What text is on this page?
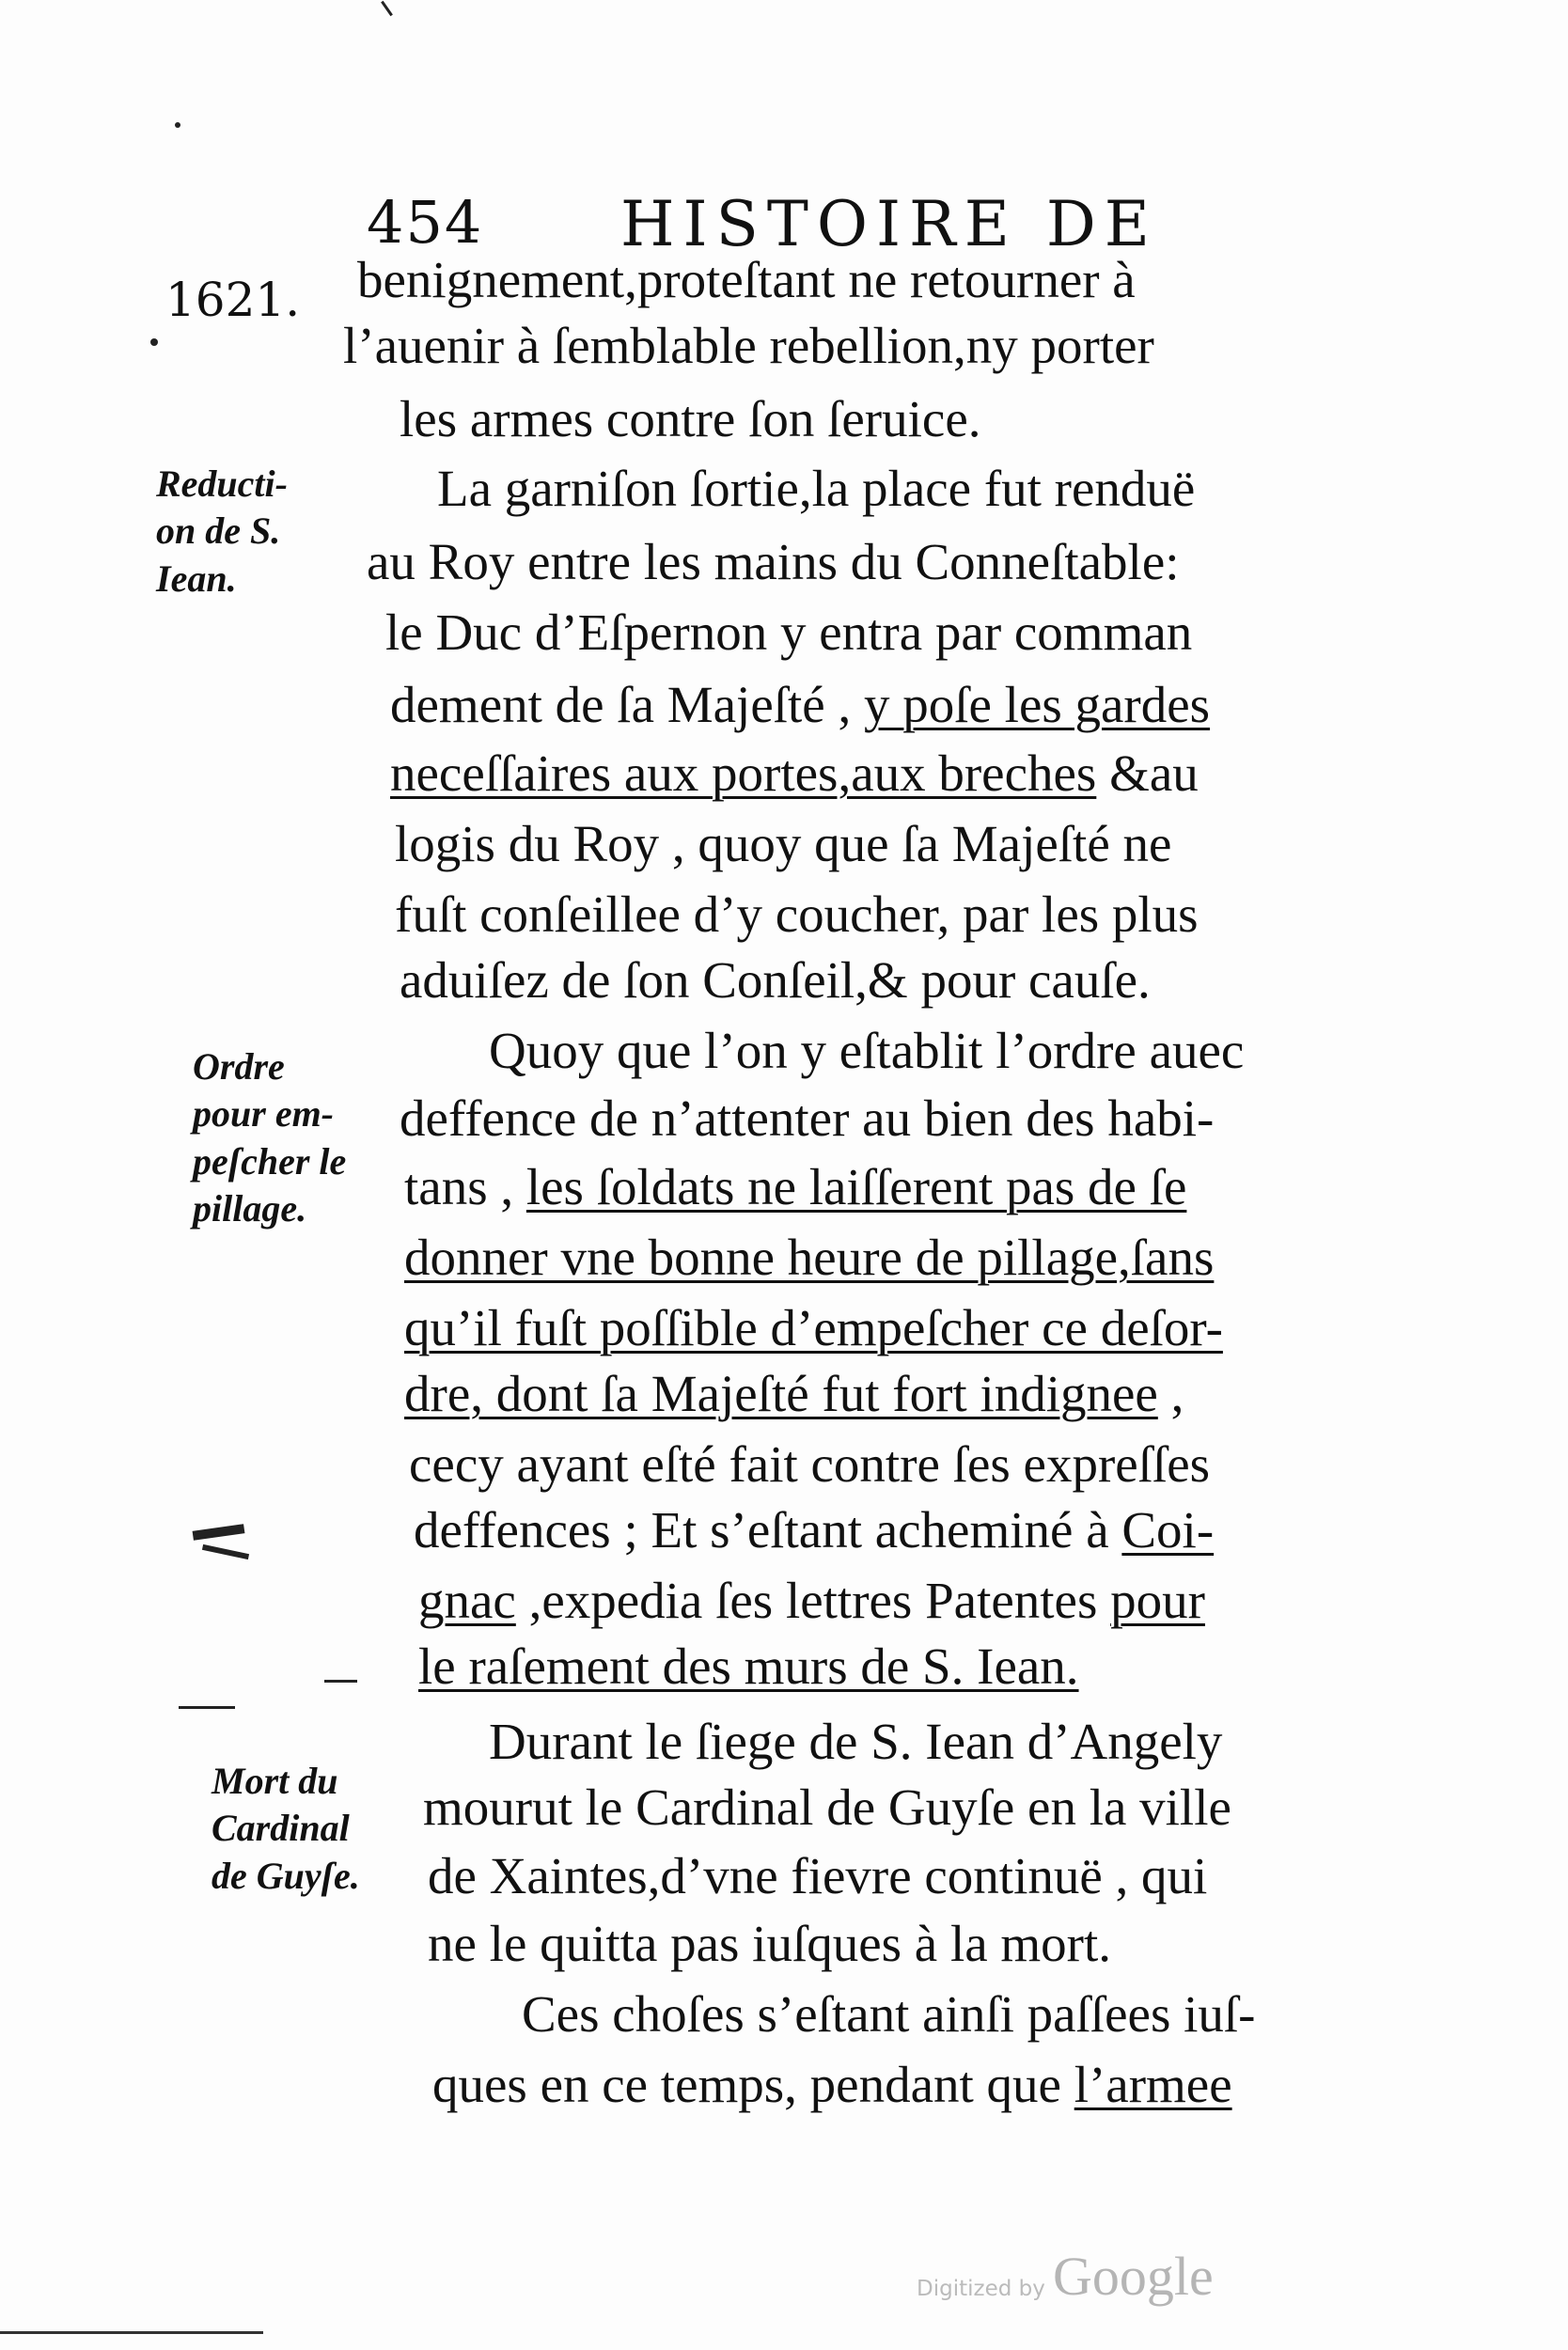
454 HISTOIRE DE
1621. benignement,proteſtant ne retourner à
l’auenir à ſemblable rebellion,ny porter
les armes contre ſon ſeruice.
La garniſon ſortie,la place fut renduë
au Roy entre les mains du Conneſtable:
le Duc d’Eſpernon y entra par comman
dement de ſa Majeſté , y poſe les gardes
neceſſaires aux portes,aux breches &au
logis du Roy , quoy que ſa Majeſté ne
fuſt conſeillee d’y coucher, par les plus
aduiſez de ſon Conſeil,& pour cauſe.
Quoy que l’on y eſtablit l’ordre auec
deffence de n’attenter au bien des habi-
tans , les ſoldats ne laiſſerent pas de ſe
donner vne bonne heure de pillage,ſans
qu’il fuſt poſſible d’empeſcher ce deſor-
dre, dont ſa Majeſté fut fort indignee ,
cecy ayant eſté fait contre ſes expreſſes
deffences ; Et s’eſtant acheminé à Coi-
gnac ,expedia ſes lettres Patentes pour
le raſement des murs de S. Iean.
Durant le ſiege de S. Iean d’Angely
mourut le Cardinal de Guyſe en la ville
de Xaintes,d’vne fievre continuë , qui
ne le quitta pas iuſques à la mort.
Ces choſes s’eſtant ainſi paſſees iuſ-
ques en ce temps, pendant que l’armee
Reducti-
on de S.
Iean.
Ordre
pour em-
peſcher le
pillage.
Mort du
Cardinal
de Guyſe.
Digitized by Google
